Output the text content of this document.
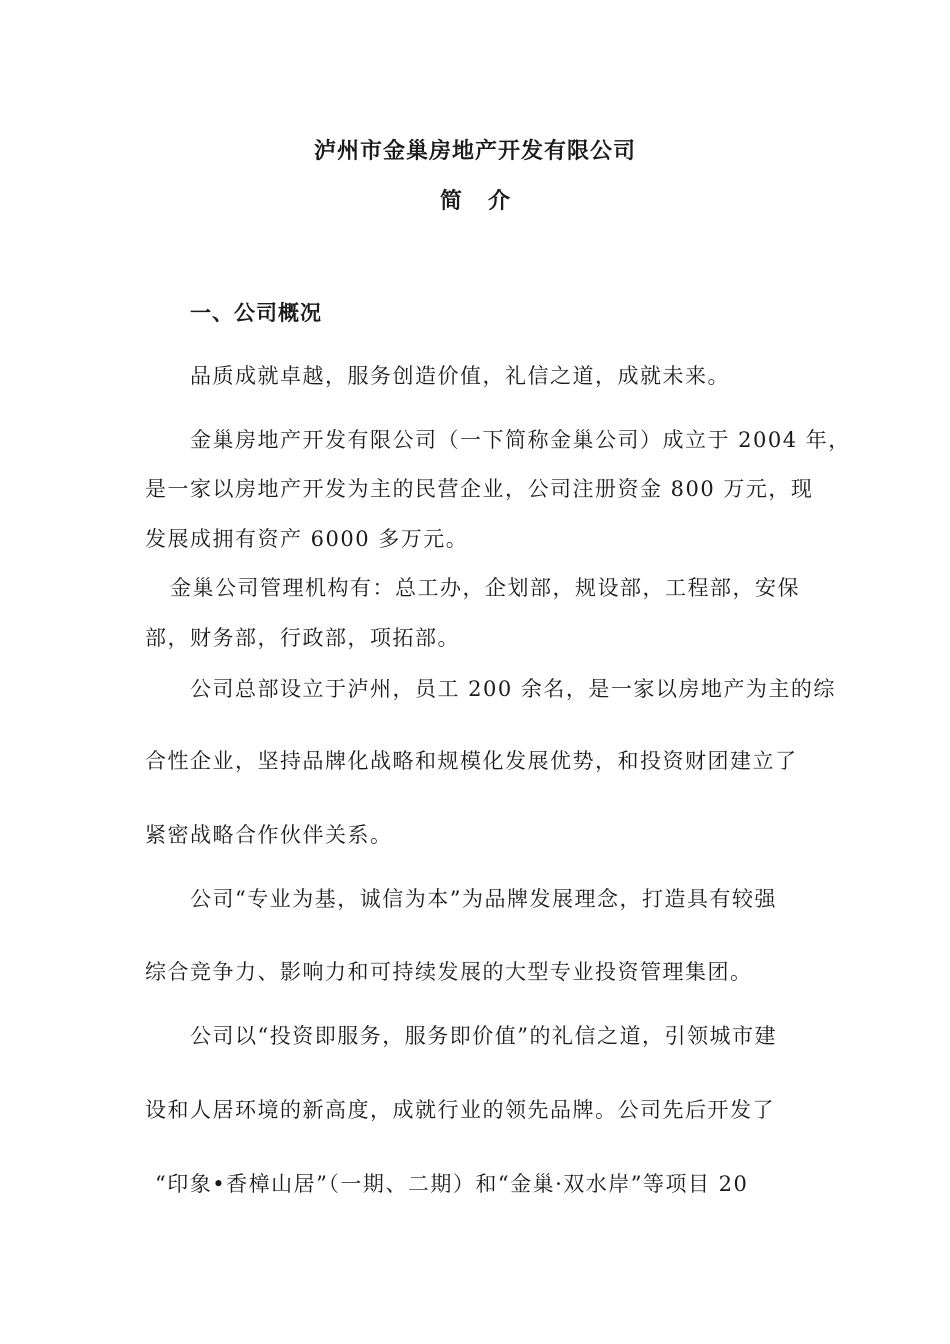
泸州市金巢房地产开发有限公司
简介
一、公司概况
品质成就卓越，服务创造价值，礼信之道，成就未来。
金巢房地产开发有限公司（一下简称金巢公司）成立于 2004 年，
是一家以房地产开发为主的民营企业，公司注册资金 800 万元，现
发展成拥有资产 6000 多万元。
金巢公司管理机构有：总工办，企划部，规设部，工程部，安保
部，财务部，行政部，项拓部。
公司总部设立于泸州，员工 200 余名，是一家以房地产为主的综
合性企业，坚持品牌化战略和规模化发展优势，和投资财团建立了
紧密战略合作伙伴关系。
公司“专业为基，诚信为本”为品牌发展理念，打造具有较强
综合竞争力、影响力和可持续发展的大型专业投资管理集团。
公司以“投资即服务，服务即价值”的礼信之道，引领城市建
设和人居环境的新高度，成就行业的领先品牌。公司先后开发了
“印象•香樟山居”（一期、二期）和“金巢·双水岸”等项目 20
